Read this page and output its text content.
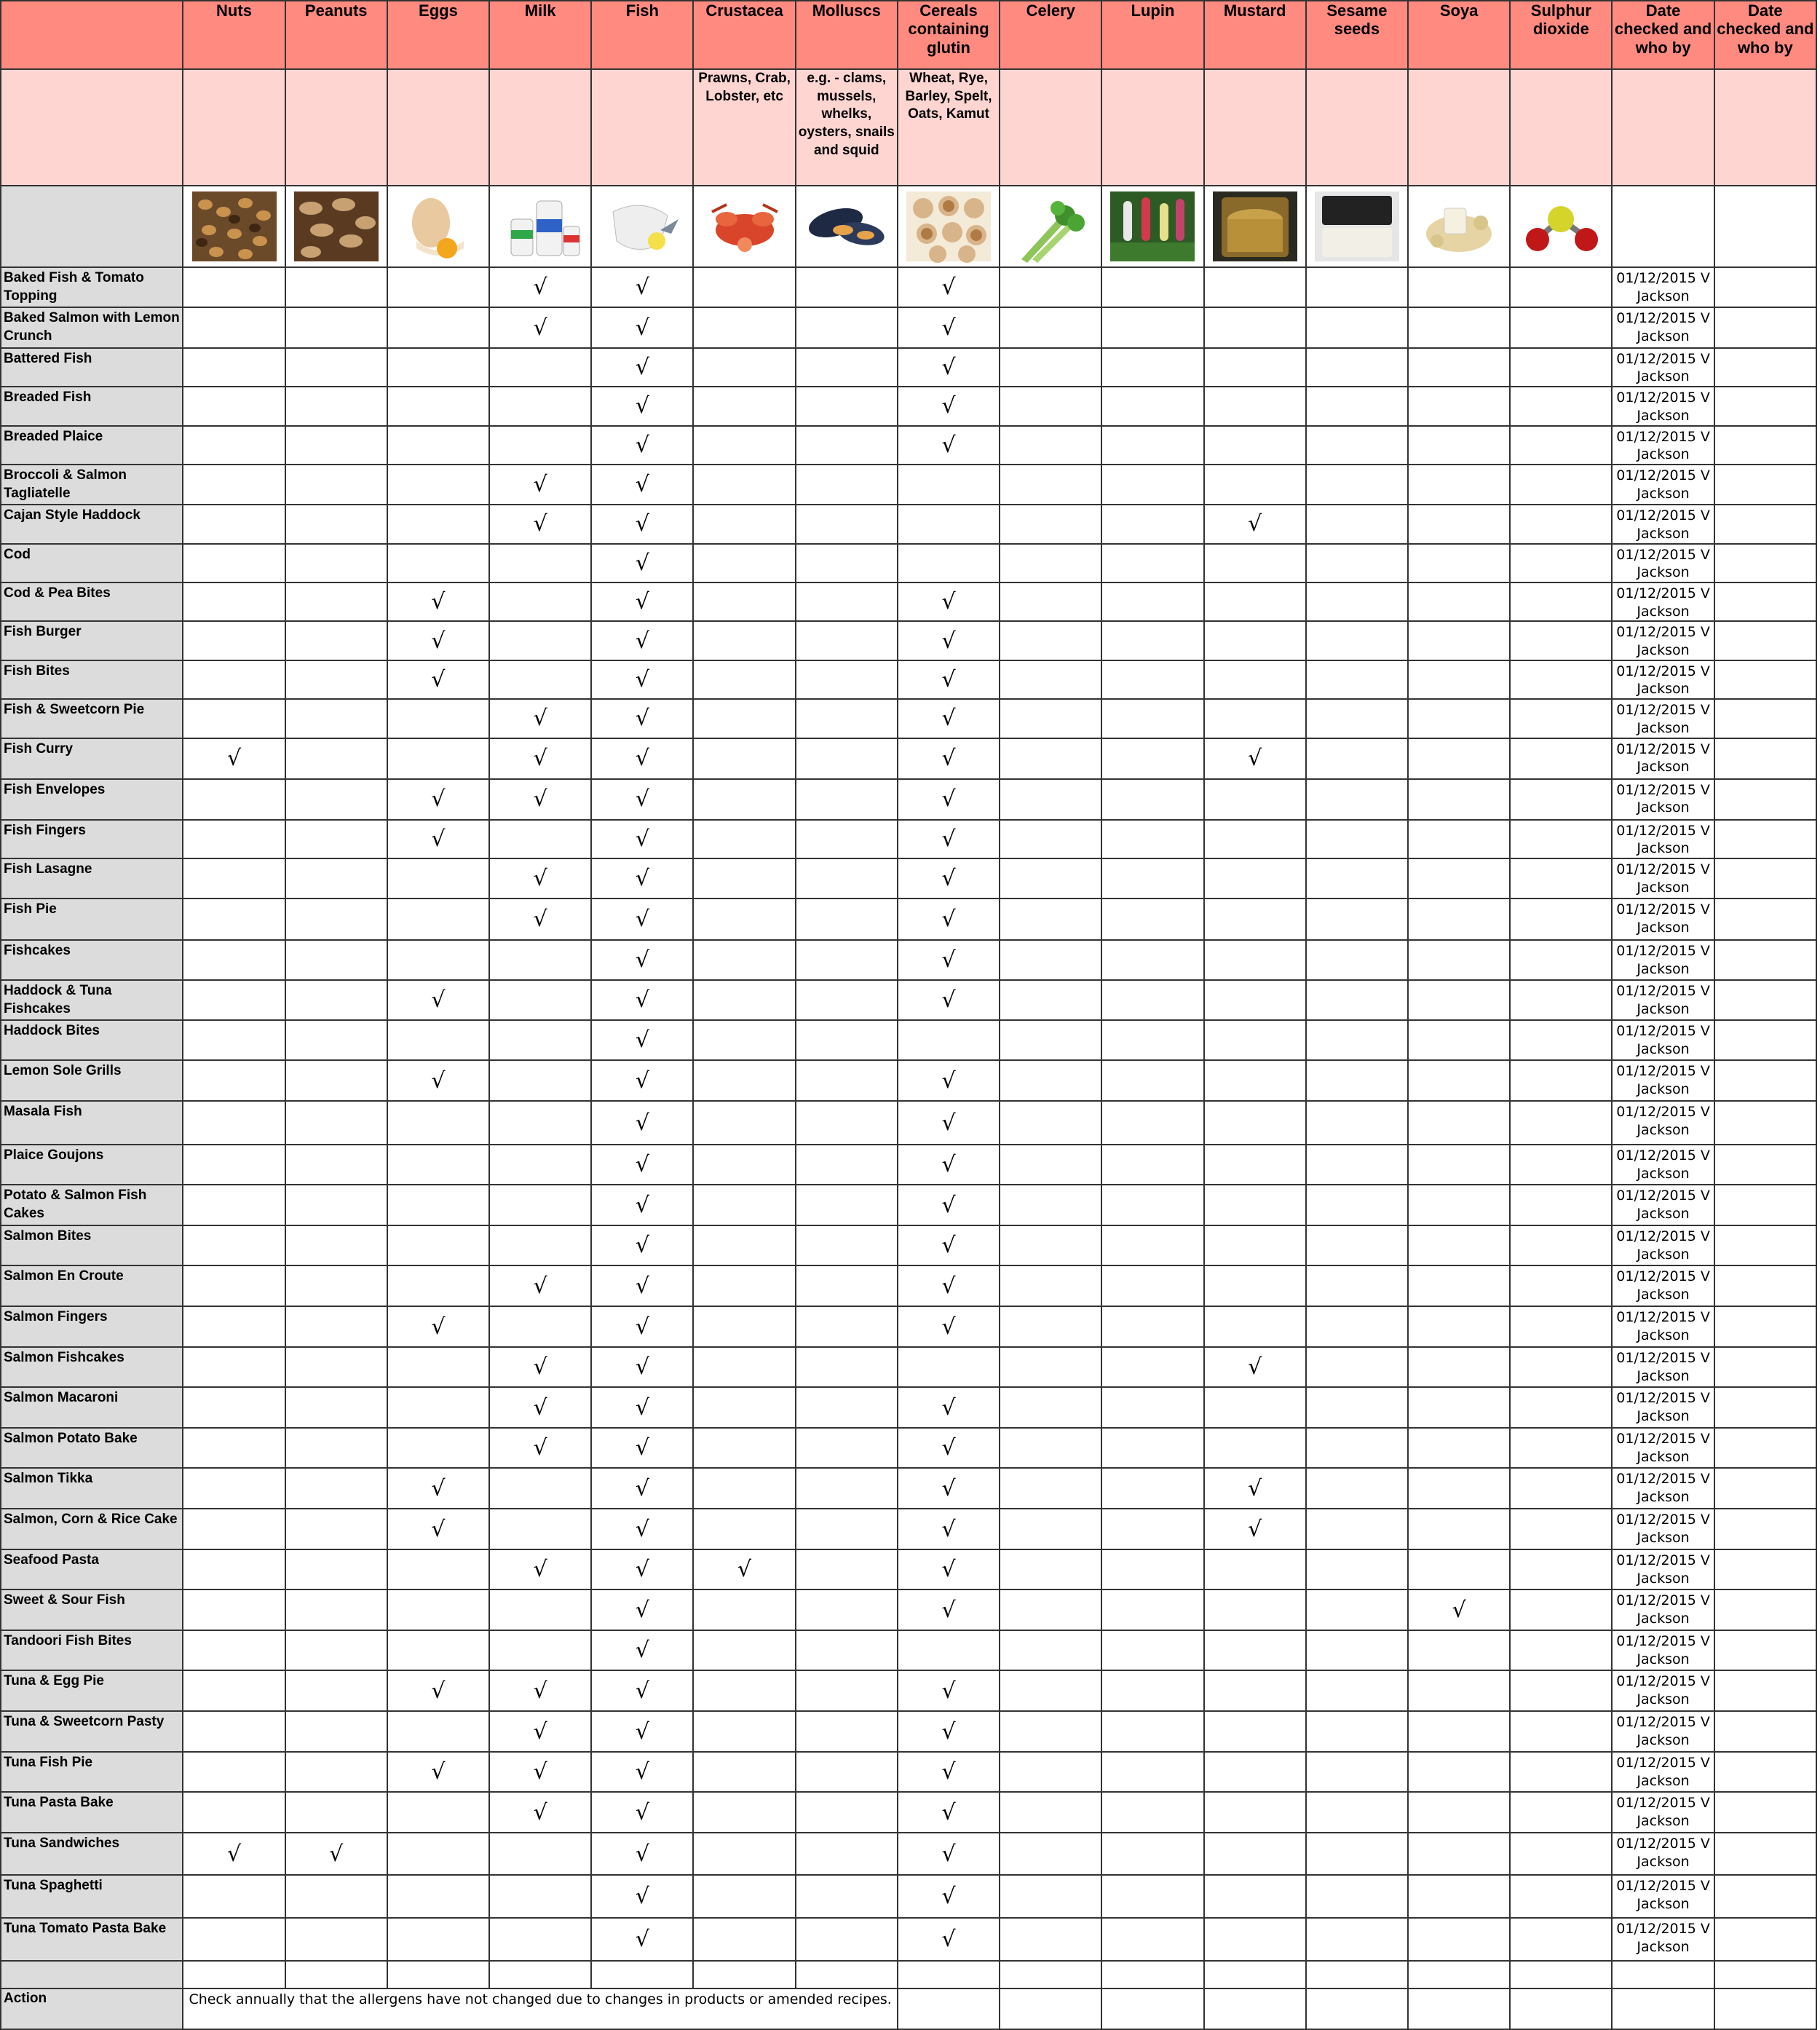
	Nuts	Peanuts	Eggs	Milk	Fish	Crustacea	Molluscs	Cereals containing glutin	Celery	Lupin	Mustard	Sesame seeds	Soya	Sulphur dioxide	Date checked and who by	Date checked and who by
						Prawns, Crab, Lobster, etc	e.g. - clams, mussels, whelks, oysters, snails and squid	Wheat, Rye, Barley, Spelt, Oats, Kamut								

Baked Fish & Tomato Topping				√	√			√							01/12/2015 V Jackson	
Baked Salmon with Lemon Crunch				√	√			√							01/12/2015 V Jackson	
Battered Fish					√			√							01/12/2015 V Jackson	
Breaded Fish					√			√							01/12/2015 V Jackson	
Breaded Plaice					√			√							01/12/2015 V Jackson	
Broccoli & Salmon Tagliatelle				√	√										01/12/2015 V Jackson	
Cajan Style Haddock				√	√						√				01/12/2015 V Jackson	
Cod					√										01/12/2015 V Jackson	
Cod & Pea Bites			√		√			√							01/12/2015 V Jackson	
Fish Burger			√		√			√							01/12/2015 V Jackson	
Fish Bites			√		√			√							01/12/2015 V Jackson	
Fish & Sweetcorn Pie				√	√			√							01/12/2015 V Jackson	
Fish Curry	√			√	√			√			√				01/12/2015 V Jackson	
Fish Envelopes			√	√	√			√							01/12/2015 V Jackson	
Fish Fingers			√		√			√							01/12/2015 V Jackson	
Fish Lasagne				√	√			√							01/12/2015 V Jackson	
Fish Pie				√	√			√							01/12/2015 V Jackson	
Fishcakes					√			√							01/12/2015 V Jackson	
Haddock & Tuna Fishcakes			√		√			√							01/12/2015 V Jackson	
Haddock Bites					√										01/12/2015 V Jackson	
Lemon Sole Grills			√		√			√							01/12/2015 V Jackson	
Masala Fish					√			√							01/12/2015 V Jackson	
Plaice Goujons					√			√							01/12/2015 V Jackson	
Potato & Salmon Fish Cakes					√			√							01/12/2015 V Jackson	
Salmon Bites					√			√							01/12/2015 V Jackson	
Salmon En Croute				√	√			√							01/12/2015 V Jackson	
Salmon Fingers			√		√			√							01/12/2015 V Jackson	
Salmon Fishcakes				√	√						√				01/12/2015 V Jackson	
Salmon Macaroni				√	√			√							01/12/2015 V Jackson	
Salmon Potato Bake				√	√			√							01/12/2015 V Jackson	
Salmon Tikka			√		√			√			√				01/12/2015 V Jackson	
Salmon, Corn & Rice Cake			√		√			√			√				01/12/2015 V Jackson	
Seafood Pasta				√	√	√		√							01/12/2015 V Jackson	
Sweet & Sour Fish					√			√					√		01/12/2015 V Jackson	
Tandoori Fish Bites					√										01/12/2015 V Jackson	
Tuna & Egg Pie			√	√	√			√							01/12/2015 V Jackson	
Tuna & Sweetcorn Pasty				√	√			√							01/12/2015 V Jackson	
Tuna Fish Pie			√	√	√			√							01/12/2015 V Jackson	
Tuna Pasta Bake				√	√			√							01/12/2015 V Jackson	
Tuna Sandwiches	√	√			√			√							01/12/2015 V Jackson	
Tuna Spaghetti					√			√							01/12/2015 V Jackson	
Tuna Tomato Pasta Bake					√			√							01/12/2015 V Jackson	

Action	Check annually that the allergens have not changed due to changes in products or amended recipes.															
